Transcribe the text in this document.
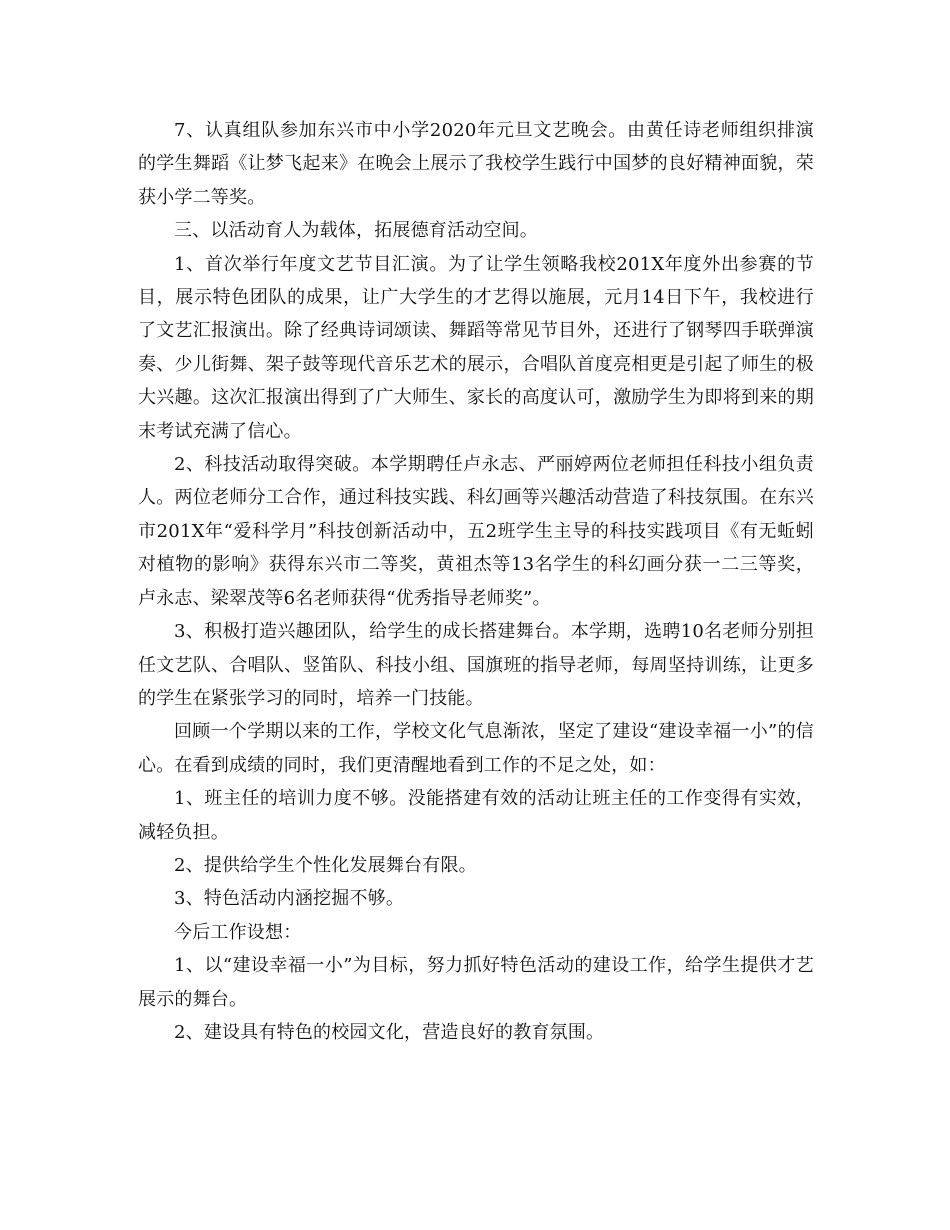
7、认真组队参加东兴市中小学2020年元旦文艺晚会。由黄任诗老师组织排演的学生舞蹈《让梦飞起来》在晚会上展示了我校学生践行中国梦的良好精神面貌，荣获小学二等奖。

三、以活动育人为载体，拓展德育活动空间。

1、首次举行年度文艺节目汇演。为了让学生领略我校201X年度外出参赛的节目，展示特色团队的成果，让广大学生的才艺得以施展，元月14日下午，我校进行了文艺汇报演出。除了经典诗词颂读、舞蹈等常见节目外，还进行了钢琴四手联弹演奏、少儿街舞、架子鼓等现代音乐艺术的展示，合唱队首度亮相更是引起了师生的极大兴趣。这次汇报演出得到了广大师生、家长的高度认可，激励学生为即将到来的期末考试充满了信心。

2、科技活动取得突破。本学期聘任卢永志、严丽婷两位老师担任科技小组负责人。两位老师分工合作，通过科技实践、科幻画等兴趣活动营造了科技氛围。在东兴市201X年“爱科学月”科技创新活动中，五2班学生主导的科技实践项目《有无蚯蚓对植物的影响》获得东兴市二等奖，黄祖杰等13名学生的科幻画分获一二三等奖，卢永志、梁翠茂等6名老师获得“优秀指导老师奖”。

3、积极打造兴趣团队，给学生的成长搭建舞台。本学期，选聘10名老师分别担任文艺队、合唱队、竖笛队、科技小组、国旗班的指导老师，每周坚持训练，让更多的学生在紧张学习的同时，培养一门技能。

回顾一个学期以来的工作，学校文化气息渐浓，坚定了建设“建设幸福一小”的信心。在看到成绩的同时，我们更清醒地看到工作的不足之处，如：

1、班主任的培训力度不够。没能搭建有效的活动让班主任的工作变得有实效，减轻负担。

2、提供给学生个性化发展舞台有限。

3、特色活动内涵挖掘不够。

今后工作设想：

1、以“建设幸福一小”为目标，努力抓好特色活动的建设工作，给学生提供才艺展示的舞台。

2、建设具有特色的校园文化，营造良好的教育氛围。
